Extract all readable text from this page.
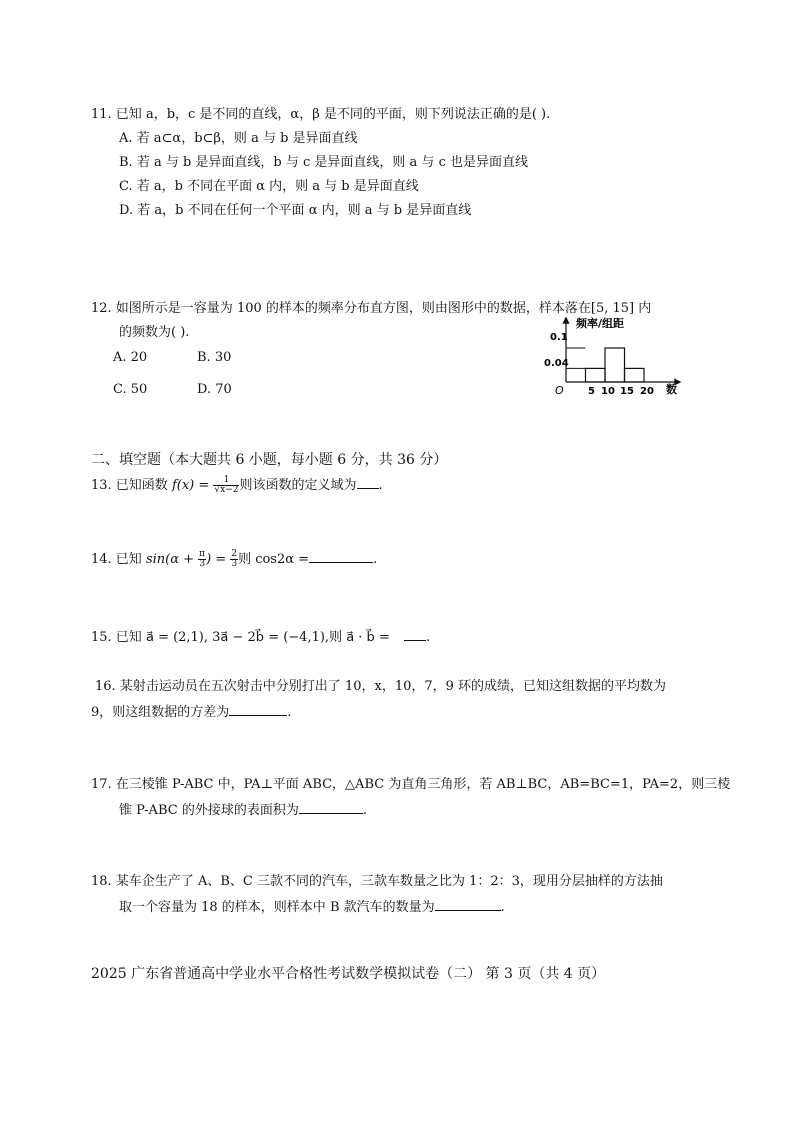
11. 已知 a，b，c 是不同的直线，α，β 是不同的平面，则下列说法正确的是( ).
A. 若 a⊂α，b⊂β，则 a 与 b 是异面直线
B. 若 a 与 b 是异面直线，b 与 c 是异面直线，则 a 与 c 也是异面直线
C. 若 a，b 不同在平面 α 内，则 a 与 b 是异面直线
D. 若 a，b 不同在任何一个平面 α 内，则 a 与 b 是异面直线
12. 如图所示是一容量为 100 的样本的频率分布直方图，则由图形中的数据，样本落在[5, 15] 内
的频数为( ).
A. 20	B. 30
C. 50	D. 70
频率/组距
数
O
0.1
0.04
5 10 15 20
二、填空题（本大题共 6 小题，每小题 6 分，共 36 分）
13. 已知函数 $f(x) = \frac{1}{√x-2}$ 则该函数的定义域为 .
14. 已知 $\sin(\alpha + \frac{\pi}{3}$ ) = $\frac{2}{3}$ 则 cos2α =	.
15. 已知 a⃗ = (2,1), 3a⃗ − 2b⃗ = (−4,1),则 a⃗ · b⃗ =	.
16. 某射击运动员在五次射击中分别打出了 10，x，10，7，9 环的成绩，已知这组数据的平均数为
9，则这组数据的方差为	.
17. 在三棱锥 P-ABC 中，PA⊥平面 ABC，△ABC 为直角三角形，若 AB⊥BC，AB=BC=1，PA=2，则三棱
锥 P-ABC 的外接球的表面积为	.
18. 某车企生产了 A、B、C 三款不同的汽车，三款车数量之比为 1：2：3，现用分层抽样的方法抽
取一个容量为 18 的样本，则样本中 B 款汽车的数量为	.
2025 广东省普通高中学业水平合格性考试数学模拟试卷（二） 第 3 页（共 4 页）
